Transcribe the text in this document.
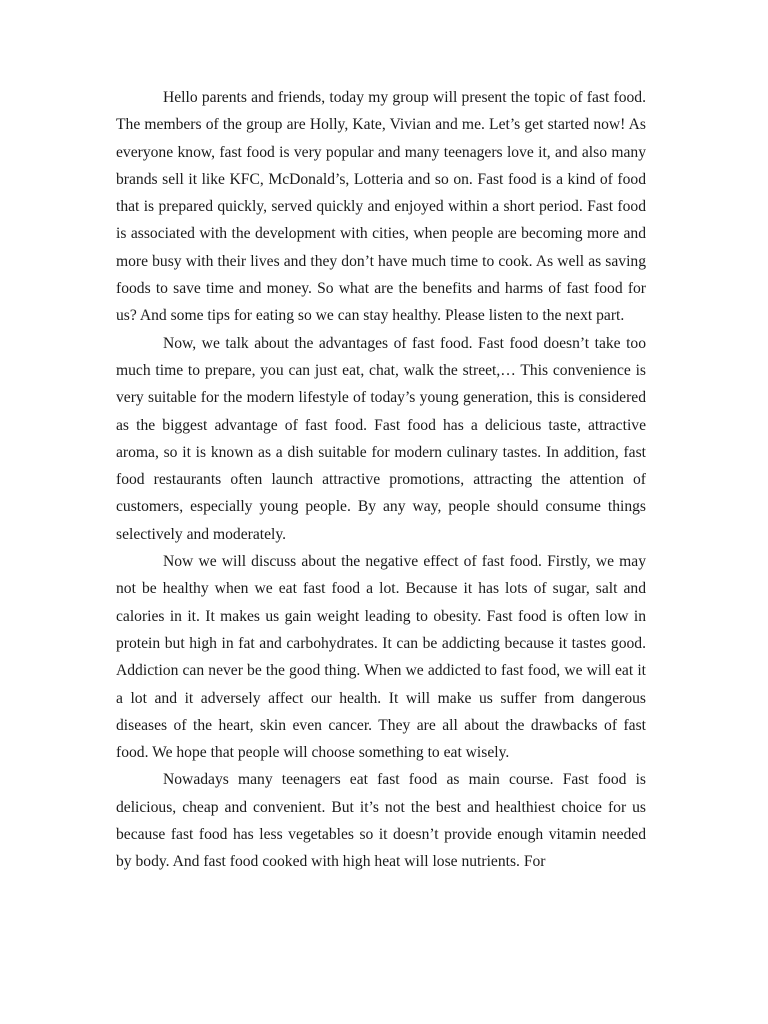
Hello parents and friends, today my group will present the topic of fast food. The members of the group are Holly, Kate, Vivian and me. Let’s get started now! As everyone know, fast food is very popular and many teenagers love it, and also many brands sell it like KFC, McDonald’s, Lotteria and so on. Fast food is a kind of food that is prepared quickly, served quickly and enjoyed within a short period. Fast food is associated with the development with cities, when people are becoming more and more busy with their lives and they don’t have much time to cook. As well as saving foods to save time and money. So what are the benefits and harms of fast food for us? And some tips for eating so we can stay healthy. Please listen to the next part.

Now, we talk about the advantages of fast food. Fast food doesn’t take too much time to prepare, you can just eat, chat, walk the street,… This convenience is very suitable for the modern lifestyle of today’s young generation, this is considered as the biggest advantage of fast food. Fast food has a delicious taste, attractive aroma, so it is known as a dish suitable for modern culinary tastes. In addition, fast food restaurants often launch attractive promotions, attracting the attention of customers, especially young people. By any way, people should consume things selectively and moderately.

Now we will discuss about the negative effect of fast food. Firstly, we may not be healthy when we eat fast food a lot. Because it has lots of sugar, salt and calories in it. It makes us gain weight leading to obesity. Fast food is often low in protein but high in fat and carbohydrates. It can be addicting because it tastes good. Addiction can never be the good thing. When we addicted to fast food, we will eat it a lot and it adversely affect our health. It will make us suffer from dangerous diseases of the heart, skin even cancer. They are all about the drawbacks of fast food. We hope that people will choose something to eat wisely.

Nowadays many teenagers eat fast food as main course. Fast food is delicious, cheap and convenient. But it’s not the best and healthiest choice for us because fast food has less vegetables so it doesn’t provide enough vitamin needed by body. And fast food cooked with high heat will lose nutrients. For
